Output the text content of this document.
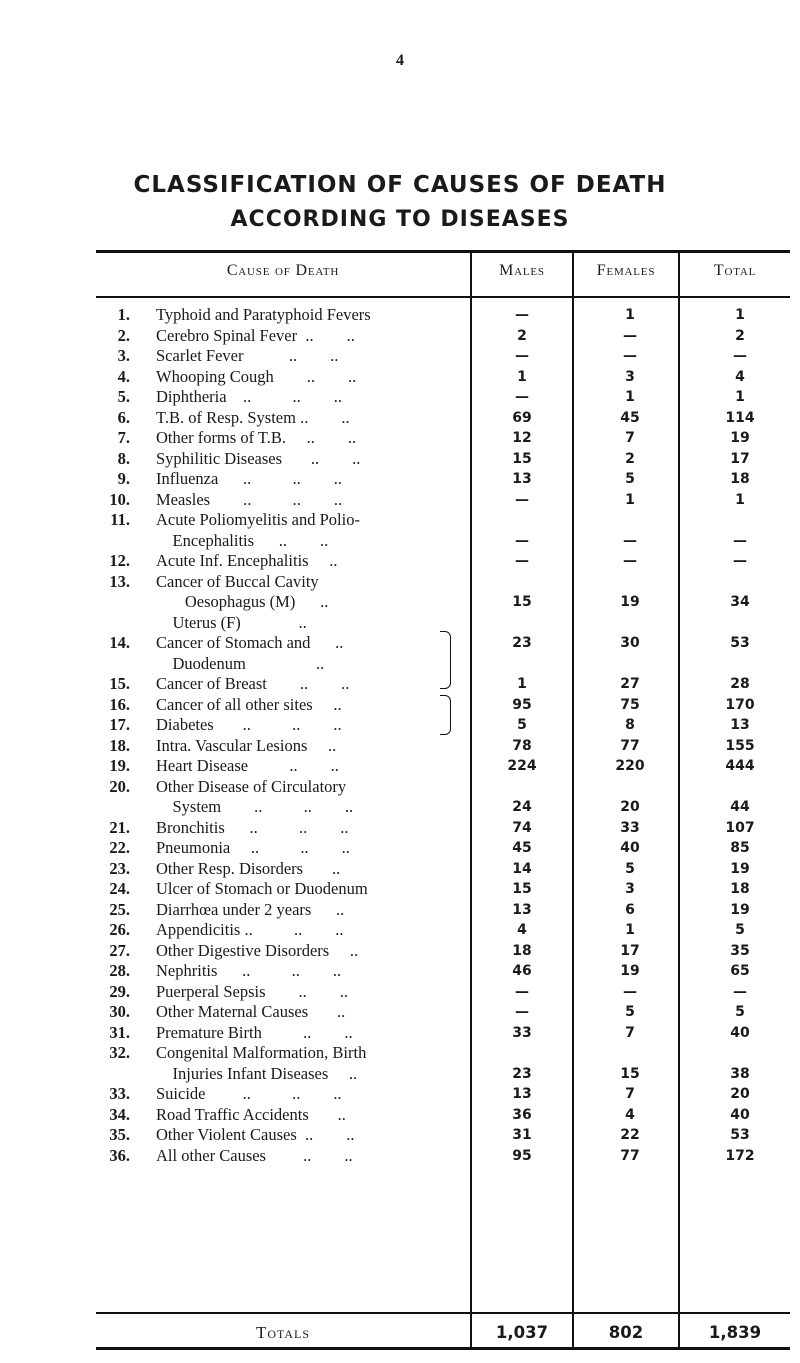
4
CLASSIFICATION OF CAUSES OF DEATH
ACCORDING TO DISEASES
Cause of Death	Males	Females	Total
1. Typhoid and Paratyphoid Fevers	—	1	1
2. Cerebro Spinal Fever  ..        ..	2	—	2
3. Scarlet Fever           ..        ..	—	—	—
4. Whooping Cough        ..        ..	1	3	4
5. Diphtheria    ..          ..        ..	—	1	1
6. T.B. of Resp. System ..        ..	69	45	114
7. Other forms of T.B.     ..        ..	12	7	19
8. Syphilitic Diseases       ..        ..	15	2	17
9. Influenza      ..          ..        ..	13	5	18
10. Measles        ..          ..        ..	—	1	1
11. Acute Poliomyelitis and Polio-
Encephalitis      ..        ..	—	—	—
12. Acute Inf. Encephalitis     ..	—	—	—
13. Cancer of Buccal Cavity
Oesophagus (M)      ..
Uterus (F)              ..
15	19	34
14. Cancer of Stomach and      ..
Duodenum                 ..
23	30	53
15. Cancer of Breast        ..        ..	1	27	28
16. Cancer of all other sites     ..	95	75	170
17. Diabetes       ..          ..        ..	5	8	13
18. Intra. Vascular Lesions     ..	78	77	155
19. Heart Disease          ..        ..	224	220	444
20. Other Disease of Circulatory
System        ..          ..        ..	24	20	44
21. Bronchitis      ..          ..        ..	74	33	107
22. Pneumonia     ..          ..        ..	45	40	85
23. Other Resp. Disorders       ..	14	5	19
24. Ulcer of Stomach or Duodenum	15	3	18
25. Diarrhœa under 2 years      ..	13	6	19
26. Appendicitis ..          ..        ..	4	1	5
27. Other Digestive Disorders     ..	18	17	35
28. Nephritis      ..          ..        ..	46	19	65
29. Puerperal Sepsis        ..        ..	—	—	—
30. Other Maternal Causes       ..	—	5	5
31. Premature Birth          ..        ..	33	7	40
32. Congenital Malformation, Birth
Injuries Infant Diseases     ..	23	15	38
33. Suicide         ..          ..        ..	13	7	20
34. Road Traffic Accidents       ..	36	4	40
35. Other Violent Causes  ..        ..	31	22	53
36. All other Causes         ..        ..	95	77	172
Totals	1,037	802	1,839
